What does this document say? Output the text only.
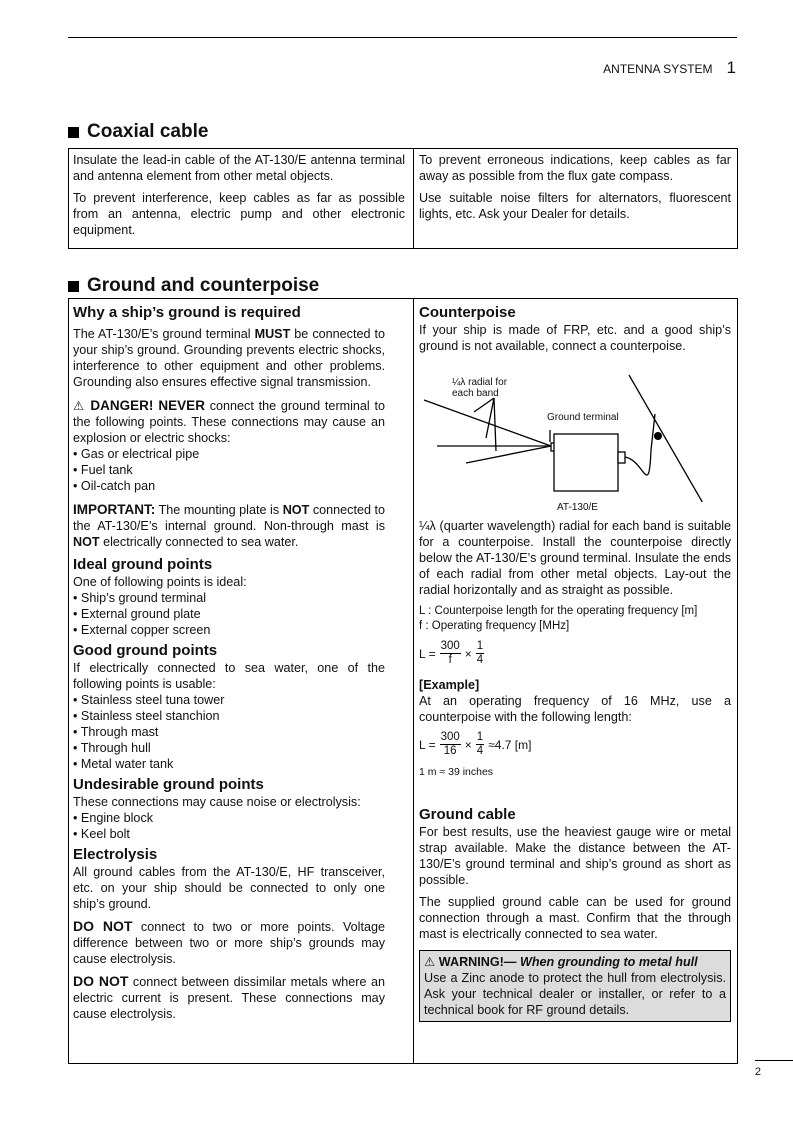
ANTENNA SYSTEM 1
Coaxial cable

Insulate the lead-in cable of the AT-130/E antenna terminal and antenna element from other metal objects.

To prevent interference, keep cables as far as possible from an antenna, electric pump and other electronic equipment.

To prevent erroneous indications, keep cables as far away as possible from the flux gate compass.

Use suitable noise filters for alternators, fluorescent lights, etc. Ask your Dealer for details.

Ground and counterpoise
Why a ship’s ground is required

The AT-130/E’s ground terminal MUST be connected to your ship’s ground. Grounding prevents electric shocks, interference to other equipment and other problems. Grounding also ensures effective signal transmission.

⚠ DANGER! NEVER connect the ground terminal to the following points. These connections may cause an explosion or electric shocks:

• Gas or electrical pipe
• Fuel tank
• Oil-catch pan

IMPORTANT: The mounting plate is NOT connected to the AT-130/E’s internal ground. Non-through mast is NOT electrically connected to sea water.

Ideal ground points
One of following points is ideal:
• Ship’s ground terminal
• External ground plate
• External copper screen
Good ground points

If electrically connected to sea water, one of the following points is usable:

• Stainless steel tuna tower
• Stainless steel stanchion
• Through mast
• Through hull
• Metal water tank
Undesirable ground points
These connections may cause noise or electrolysis:
• Engine block
• Keel bolt
Electrolysis

All ground cables from the AT-130/E, HF transceiver, etc. on your ship should be connected to only one ship’s ground.

DO NOT connect to two or more points. Voltage difference between two or more ship’s grounds may cause electrolysis.

DO NOT connect between dissimilar metals where an electric current is present. These connections may cause electrolysis.

Counterpoise

If your ship is made of FRP, etc. and a good ship’s ground is not available, connect a counterpoise.

¼λ radial for
each band
Ground terminal
AT-130/E

¼λ (quarter wavelength) radial for each band is suitable for a counterpoise. Install the counterpoise directly below the AT-130/E’s ground terminal. Insulate the ends of each radial from other metal objects. Lay-out the radial horizontally and as straight as possible.

L : Counterpoise length for the operating frequency [m]
f : Operating frequency [MHz]
$L = \frac{300}{f} \times \frac{1}{4}$
[Example]

At an operating frequency of 16 MHz, use a counterpoise with the following length:

$L = \frac{300}{16} \times \frac{1}{4} \approx 4.7$ [m]
1 m ≈ 39 inches
Ground cable

For best results, use the heaviest gauge wire or metal strap available. Make the distance between the AT-130/E’s ground terminal and ship’s ground as short as possible.

The supplied ground cable can be used for ground connection through a mast. Confirm that the through mast is electrically connected to sea water.

⚠ WARNING!— When grounding to metal hull
Use a Zinc anode to protect the hull from electrolysis. Ask your technical dealer or installer, or refer to a technical book for RF ground details.
2
